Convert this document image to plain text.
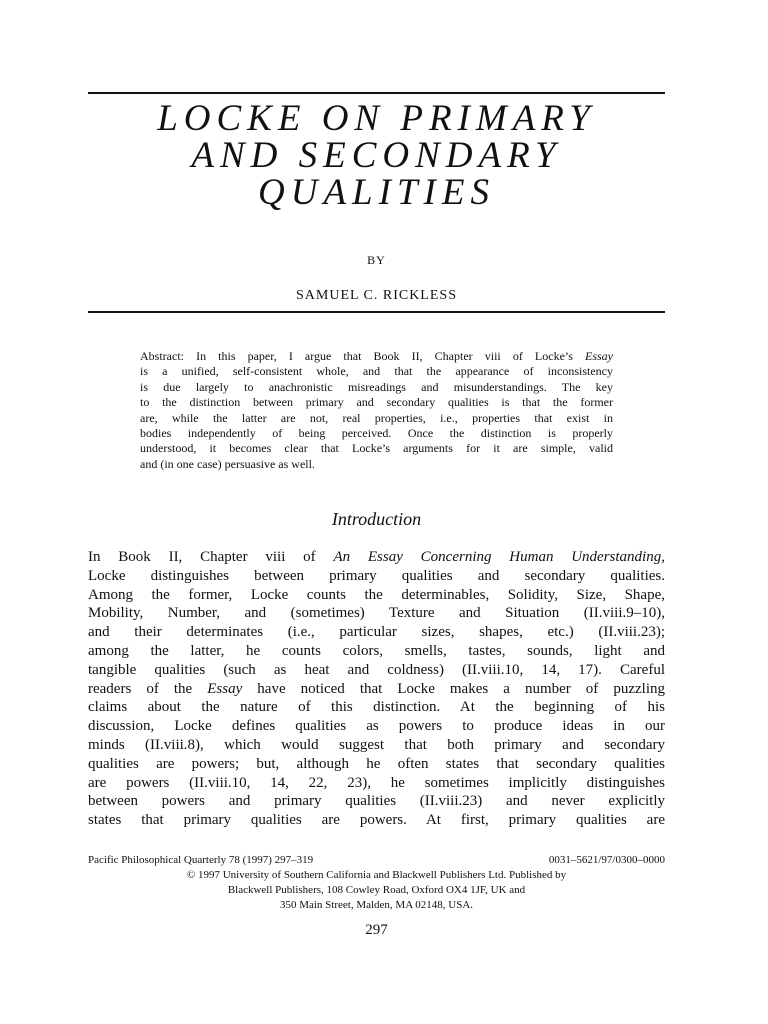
LOCKE ON PRIMARY
AND SECONDARY
QUALITIES
BY
SAMUEL C. RICKLESS
Abstract: In this paper, I argue that Book II, Chapter viii of Locke’s Essay
is a unified, self-consistent whole, and that the appearance of inconsistency
is due largely to anachronistic misreadings and misunderstandings. The key
to the distinction between primary and secondary qualities is that the former
are, while the latter are not, real properties, i.e., properties that exist in
bodies independently of being perceived. Once the distinction is properly
understood, it becomes clear that Locke’s arguments for it are simple, valid
and (in one case) persuasive as well.
Introduction
In Book II, Chapter viii of An Essay Concerning Human Understanding,
Locke distinguishes between primary qualities and secondary qualities.
Among the former, Locke counts the determinables, Solidity, Size, Shape,
Mobility, Number, and (sometimes) Texture and Situation (II.viii.9–10),
and their determinates (i.e., particular sizes, shapes, etc.) (II.viii.23);
among the latter, he counts colors, smells, tastes, sounds, light and
tangible qualities (such as heat and coldness) (II.viii.10, 14, 17). Careful
readers of the Essay have noticed that Locke makes a number of puzzling
claims about the nature of this distinction. At the beginning of his
discussion, Locke defines qualities as powers to produce ideas in our
minds (II.viii.8), which would suggest that both primary and secondary
qualities are powers; but, although he often states that secondary qualities
are powers (II.viii.10, 14, 22, 23), he sometimes implicitly distinguishes
between powers and primary qualities (II.viii.23) and never explicitly
states that primary qualities are powers. At first, primary qualities are
Pacific Philosophical Quarterly 78 (1997) 297–319	0031–5621/97/0300–0000
© 1997 University of Southern California and Blackwell Publishers Ltd. Published by
Blackwell Publishers, 108 Cowley Road, Oxford OX4 1JF, UK and
350 Main Street, Malden, MA 02148, USA.
297
